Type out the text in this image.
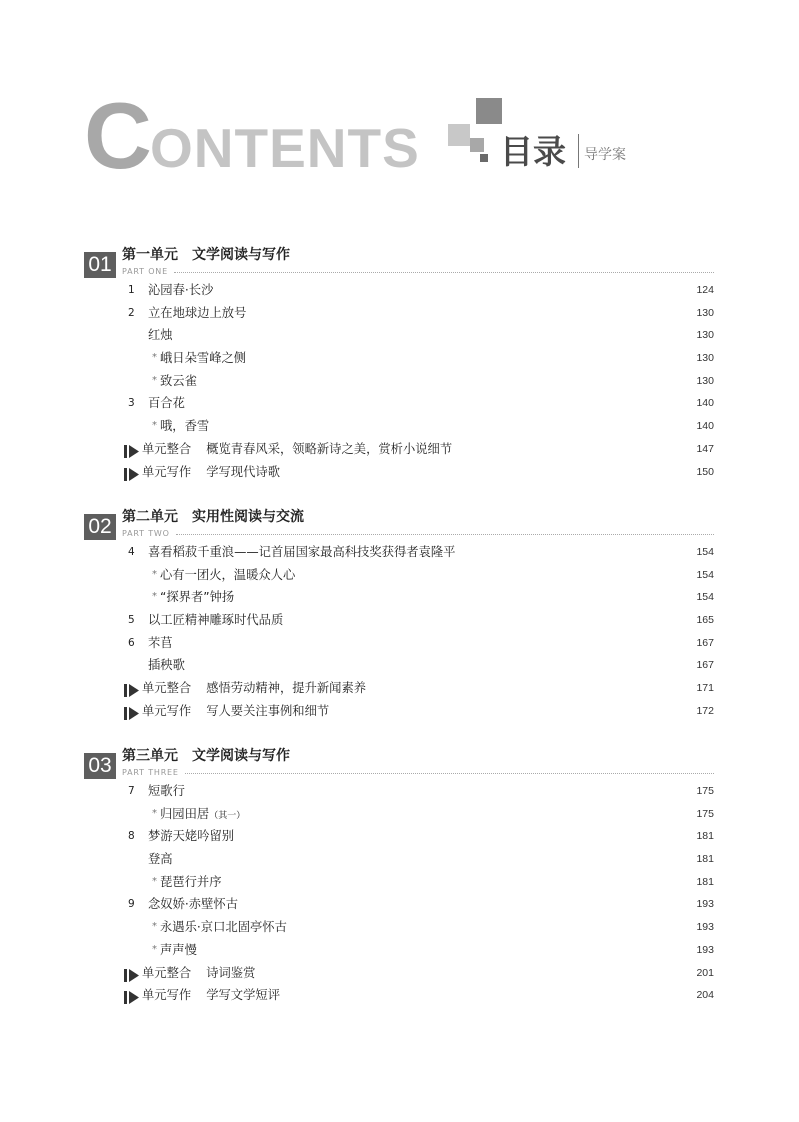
C
ONTENTS 目录 导学案
01 第一单元 文学阅读与写作
PART ONE
1 沁园春·长沙	124
2 立在地球边上放号	130
红烛	130
* 峨日朵雪峰之侧	130
* 致云雀	130
3 百合花	140
* 哦，香雪	140
单元整合 概览青春风采，领略新诗之美，赏析小说细节	147
单元写作 学写现代诗歌	150
02 第二单元 实用性阅读与交流
PART TWO
4 喜看稻菽千重浪——记首届国家最高科技奖获得者袁隆平	154
* 心有一团火，温暖众人心	154
* “探界者”钟扬	154
5 以工匠精神雕琢时代品质	165
6 芣苢	167
插秧歌	167
单元整合 感悟劳动精神，提升新闻素养	171
单元写作 写人要关注事例和细节	172
03 第三单元 文学阅读与写作
PART THREE
7 短歌行	175
* 归园田居（其一）	175
8 梦游天姥吟留别	181
登高	181
* 琵琶行并序	181
9 念奴娇·赤壁怀古	193
* 永遇乐·京口北固亭怀古	193
* 声声慢	193
单元整合 诗词鉴赏	201
单元写作 学写文学短评	204
